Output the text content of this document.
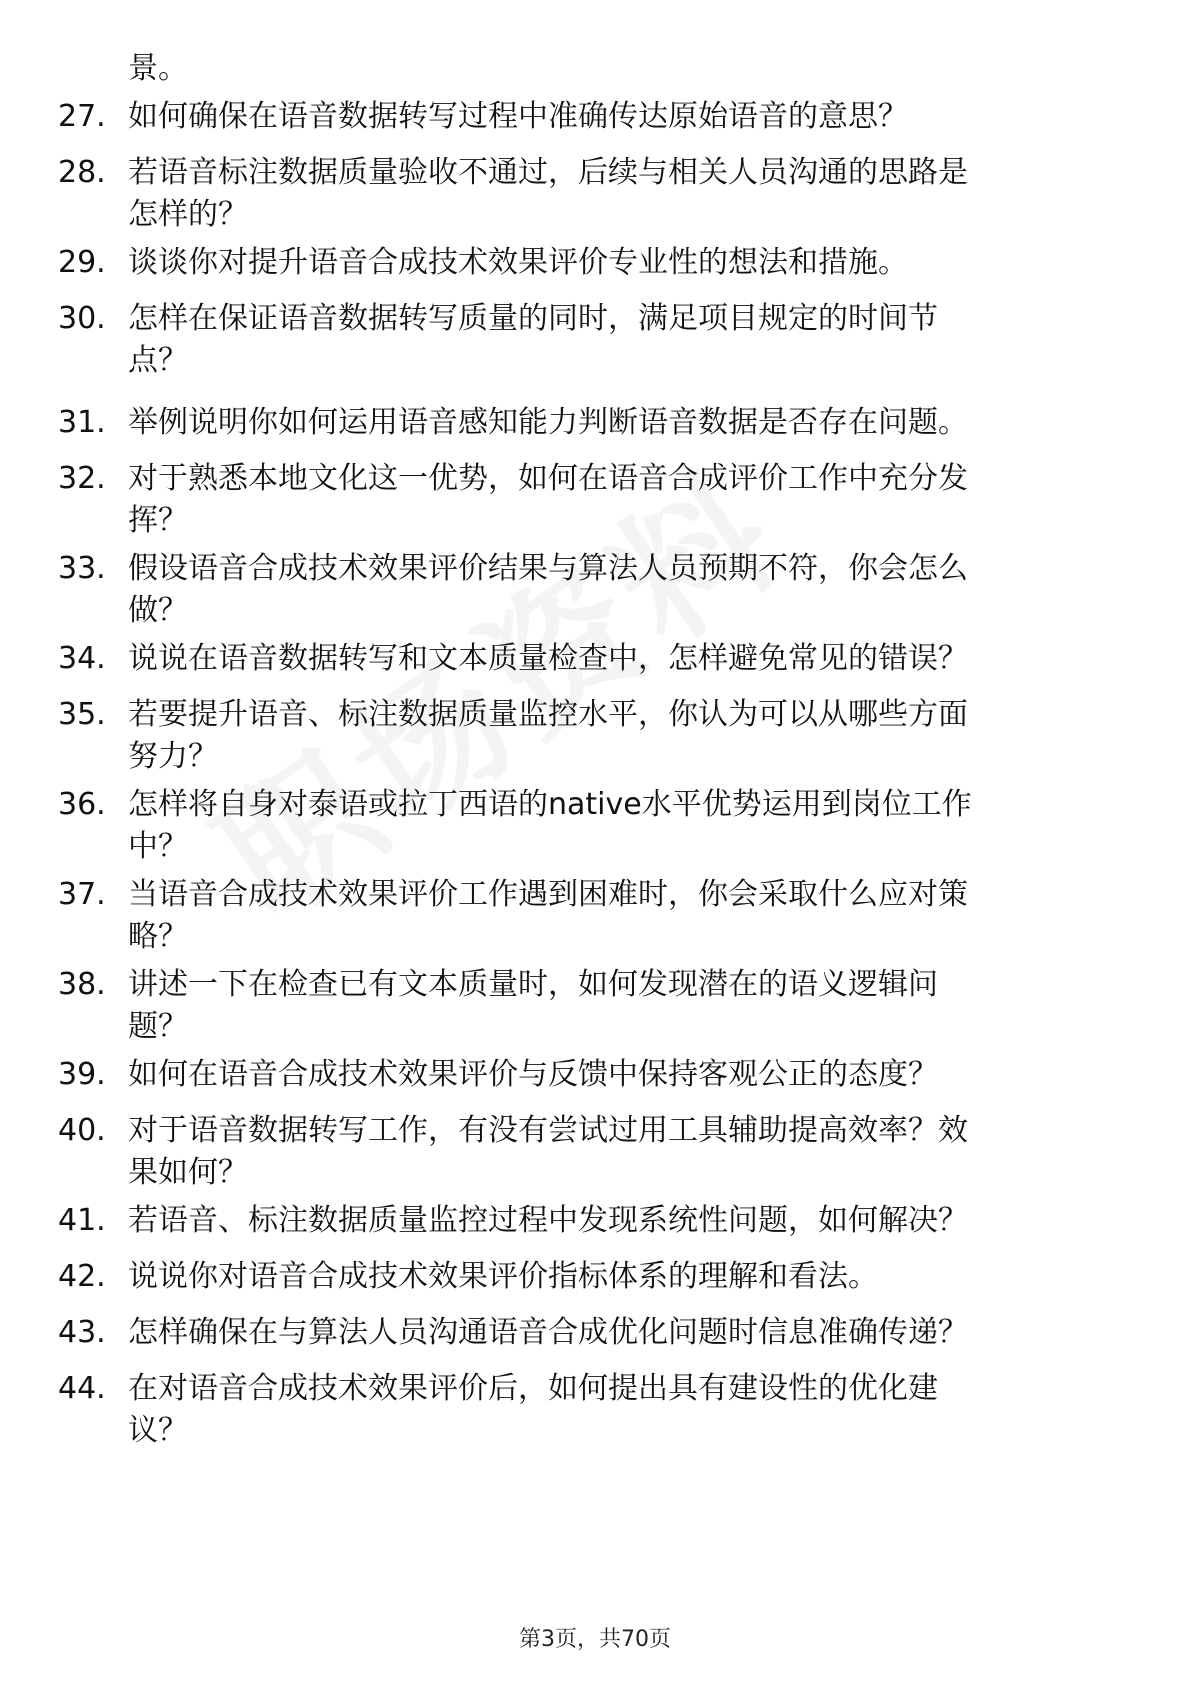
景。
27. 如何确保在语音数据转写过程中准确传达原始语音的意思？
28. 若语音标注数据质量验收不通过，后续与相关人员沟通的思路是
怎样的？
29. 谈谈你对提升语音合成技术效果评价专业性的想法和措施。
30. 怎样在保证语音数据转写质量的同时，满足项目规定的时间节
点？
31. 举例说明你如何运用语音感知能力判断语音数据是否存在问题。
32. 对于熟悉本地文化这一优势，如何在语音合成评价工作中充分发
挥？
33. 假设语音合成技术效果评价结果与算法人员预期不符，你会怎么
做？
34. 说说在语音数据转写和文本质量检查中，怎样避免常见的错误？
35. 若要提升语音、标注数据质量监控水平，你认为可以从哪些方面
努力？
36. 怎样将自身对泰语或拉丁西语的native水平优势运用到岗位工作
中？
37. 当语音合成技术效果评价工作遇到困难时，你会采取什么应对策
略？
38. 讲述一下在检查已有文本质量时，如何发现潜在的语义逻辑问
题？
39. 如何在语音合成技术效果评价与反馈中保持客观公正的态度？
40. 对于语音数据转写工作，有没有尝试过用工具辅助提高效率？效
果如何？
41. 若语音、标注数据质量监控过程中发现系统性问题，如何解决？
42. 说说你对语音合成技术效果评价指标体系的理解和看法。
43. 怎样确保在与算法人员沟通语音合成优化问题时信息准确传递？
44. 在对语音合成技术效果评价后，如何提出具有建设性的优化建
议？
第3页，共70页
